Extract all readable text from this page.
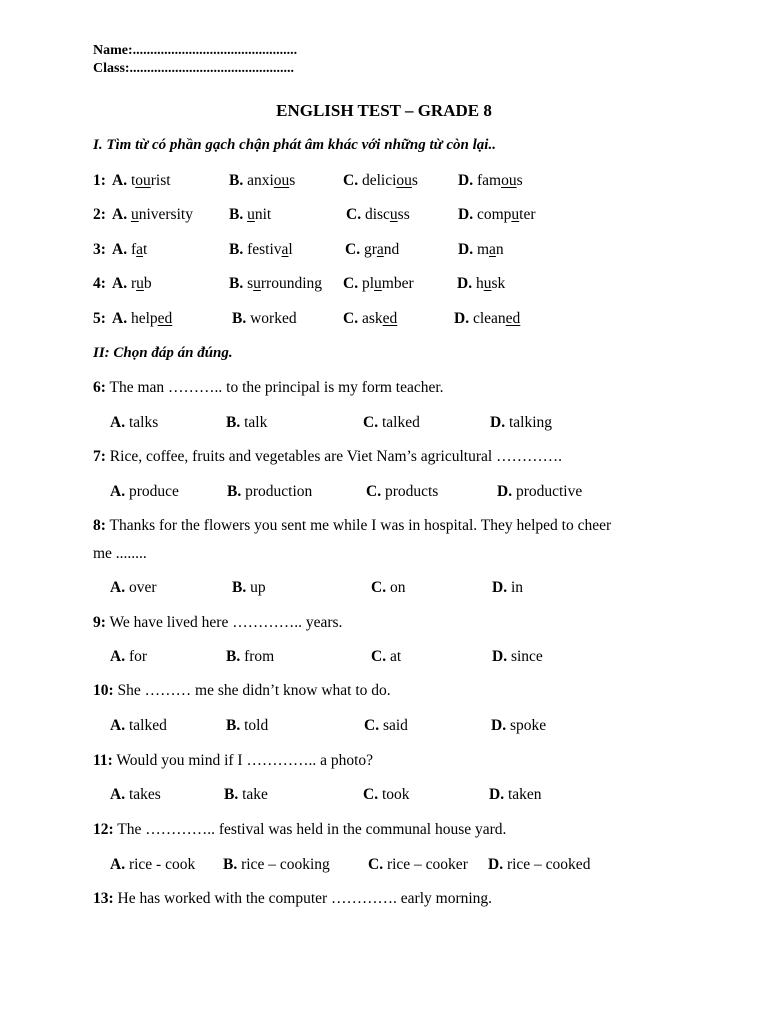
Name:...............................................
Class:...............................................
ENGLISH TEST – GRADE 8
I. Tìm từ có phần gạch chận phát âm khác với những từ còn lại..
1: A. tourist	B. anxious	C. delicious	D. famous
2: A. university B. unit	C. discuss	D. computer
3: A. fat	B. festival	C. grand	D. man
4: A. rub	B. surrounding C. plumber	D. husk
5: A. helped	B. worked	C. asked	D. cleaned
II: Chọn đáp án đúng.
6: The man ……….. to the principal is my form teacher.
A. talks	B. talk	C. talked	D. talking
7: Rice, coffee, fruits and vegetables are Viet Nam’s agricultural ………….
A. produce	B. production	C. products	D. productive
8: Thanks for the flowers you sent me while I was in hospital. They helped to cheer
me ........
A. over	B. up	C. on	D. in
9: We have lived here ………….. years.
A. for	B. from	C. at	D. since
10: She ……… me she didn’t know what to do.
A. talked	B. told	C. said	D. spoke
11: Would you mind if I ………….. a photo?
A. takes	B. take	C. took	D. taken
12: The ………….. festival was held in the communal house yard.
A. rice - cook B. rice – cooking C. rice – cooker D. rice – cooked
13: He has worked with the computer …………. early morning.
